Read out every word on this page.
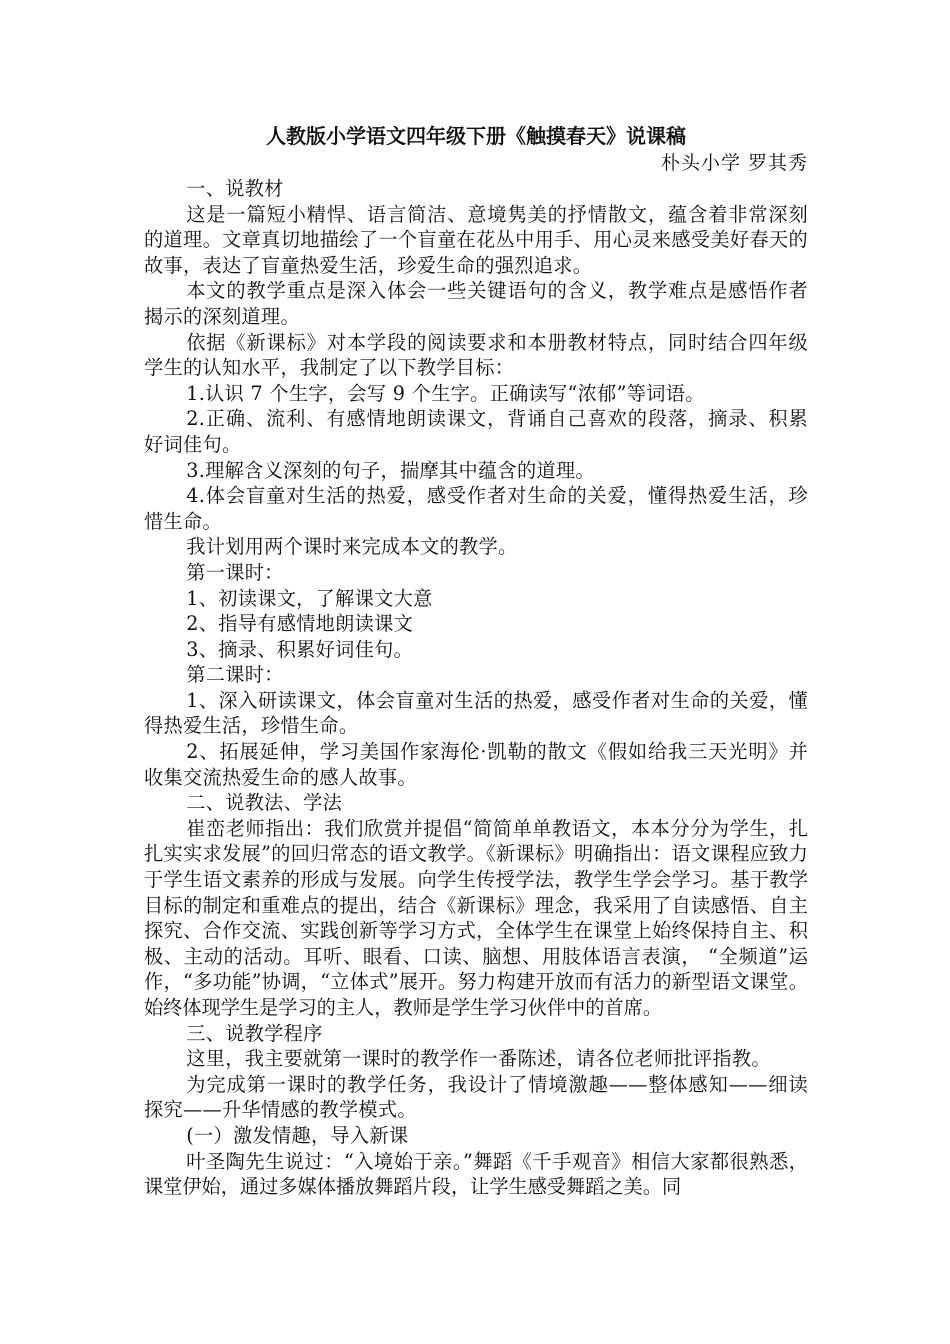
人教版小学语文四年级下册《触摸春天》说课稿
朴头小学 罗其秀

一、说教材

这是一篇短小精悍、语言简洁、意境隽美的抒情散文，蕴含着非常深刻的道理。文章真切地描绘了一个盲童在花丛中用手、用心灵来感受美好春天的故事，表达了盲童热爱生活，珍爱生命的强烈追求。

本文的教学重点是深入体会一些关键语句的含义，教学难点是感悟作者揭示的深刻道理。

依据《新课标》对本学段的阅读要求和本册教材特点，同时结合四年级学生的认知水平，我制定了以下教学目标：

1.认识 7 个生字，会写 9 个生字。正确读写“浓郁”等词语。

2.正确、流利、有感情地朗读课文，背诵自己喜欢的段落，摘录、积累好词佳句。

3.理解含义深刻的句子，揣摩其中蕴含的道理。

4.体会盲童对生活的热爱，感受作者对生命的关爱，懂得热爱生活，珍惜生命。

我计划用两个课时来完成本文的教学。

第一课时：

1、初读课文，了解课文大意

2、指导有感情地朗读课文

3、摘录、积累好词佳句。

第二课时：

1、深入研读课文，体会盲童对生活的热爱，感受作者对生命的关爱，懂得热爱生活，珍惜生命。

2、拓展延伸，学习美国作家海伦·凯勒的散文《假如给我三天光明》并收集交流热爱生命的感人故事。

二、说教法、学法

崔峦老师指出：我们欣赏并提倡“简简单单教语文，本本分分为学生，扎扎实实求发展”的回归常态的语文教学。《新课标》明确指出：语文课程应致力于学生语文素养的形成与发展。向学生传授学法，教学生学会学习。基于教学目标的制定和重难点的提出，结合《新课标》理念，我采用了自读感悟、自主探究、合作交流、实践创新等学习方式，全体学生在课堂上始终保持自主、积极、主动的活动。耳听、眼看、口读、脑想、用肢体语言表演， “全频道”运作，“多功能”协调，“立体式”展开。努力构建开放而有活力的新型语文课堂。始终体现学生是学习的主人，教师是学生学习伙伴中的首席。

三、说教学程序

这里，我主要就第一课时的教学作一番陈述，请各位老师批评指教。

为完成第一课时的教学任务，我设计了情境激趣——整体感知——细读探究——升华情感的教学模式。

(一）激发情趣，导入新课

叶圣陶先生说过：“入境始于亲。”舞蹈《千手观音》相信大家都很熟悉，课堂伊始，通过多媒体播放舞蹈片段，让学生感受舞蹈之美。同
